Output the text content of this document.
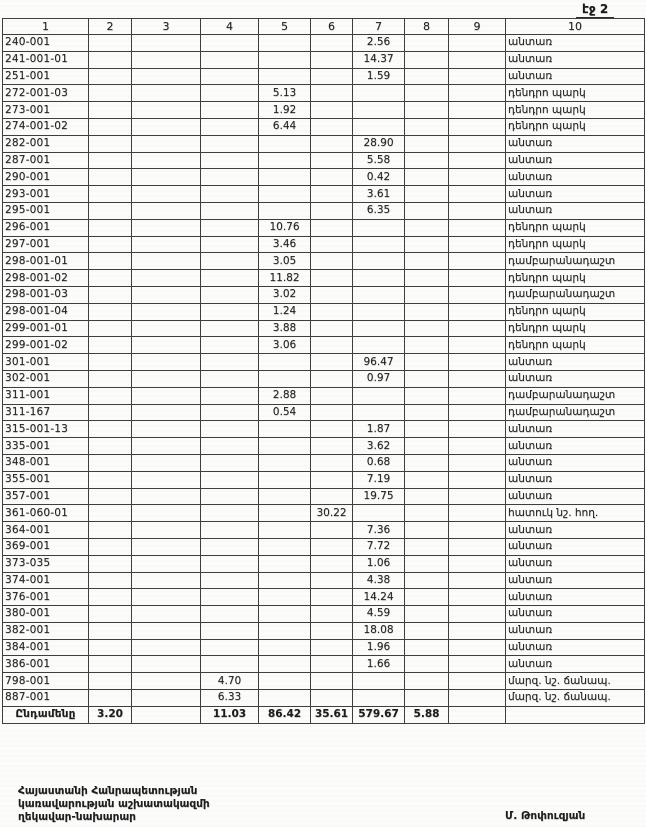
էջ 2
1	2	3	4	5	6	7	8	9	10
240-001						2.56			անտառ
241-001-01						14.37			անտառ
251-001						1.59			անտառ
272-001-03				5.13					դենդրո պարկ
273-001				1.92					դենդրո պարկ
274-001-02				6.44					դենդրո պարկ
282-001						28.90			անտառ
287-001						5.58			անտառ
290-001						0.42			անտառ
293-001						3.61			անտառ
295-001						6.35			անտառ
296-001				10.76					դենդրո պարկ
297-001				3.46					դենդրո պարկ
298-001-01				3.05					դամբարանադաշտ
298-001-02				11.82					դենդրո պարկ
298-001-03				3.02					դամբարանադաշտ
298-001-04				1.24					դենդրո պարկ
299-001-01				3.88					դենդրո պարկ
299-001-02				3.06					դենդրո պարկ
301-001						96.47			անտառ
302-001						0.97			անտառ
311-001				2.88					դամբարանադաշտ
311-167				0.54					դամբարանադաշտ
315-001-13						1.87			անտառ
335-001						3.62			անտառ
348-001						0.68			անտառ
355-001						7.19			անտառ
357-001						19.75			անտառ
361-060-01					30.22				հատուկ նշ. հող.
364-001						7.36			անտառ
369-001						7.72			անտառ
373-035						1.06			անտառ
374-001						4.38			անտառ
376-001						14.24			անտառ
380-001						4.59			անտառ
382-001						18.08			անտառ
384-001						1.96			անտառ
386-001						1.66			անտառ
798-001			4.70						մարզ. նշ. ճանապ.
887-001			6.33						մարզ. նշ. ճանապ.
Ընդամենը	3.20		11.03	86.42	35.61	579.67	5.88		
Հայաստանի Հանրապետության
կառավարության աշխատակազմի
ղեկավար-նախարար	Մ. Թոփուզյան
